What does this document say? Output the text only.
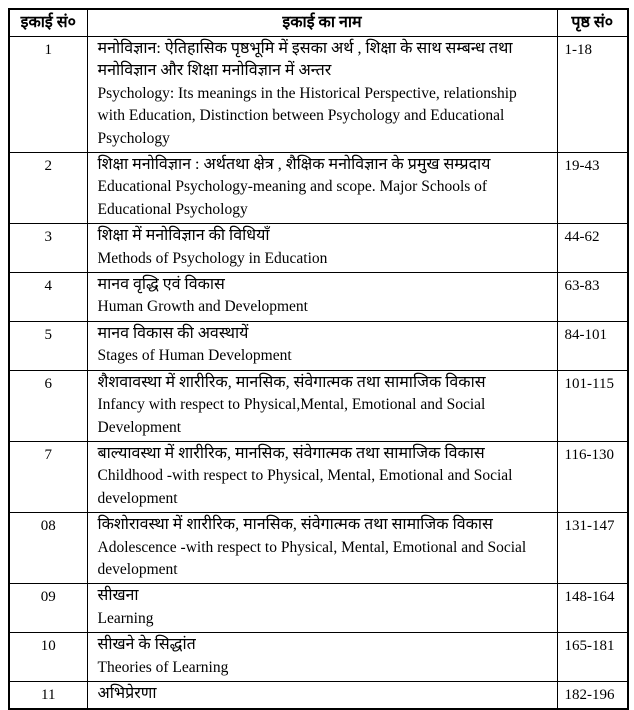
इकाई सं०	इकाई का नाम	पृष्ठ सं०
1	मनोविज्ञान: ऐतिहासिक पृष्ठभूमि में इसका अर्थ , शिक्षा के साथ सम्बन्ध तथा मनोविज्ञान और शिक्षा मनोविज्ञान में अन्तर
Psychology: Its meanings in the Historical Perspective, relationship with Education, Distinction between Psychology and Educational Psychology	1-18
2	शिक्षा मनोविज्ञान : अर्थतथा क्षेत्र , शैक्षिक मनोविज्ञान के प्रमुख सम्प्रदाय
Educational Psychology-meaning and scope. Major Schools of
Educational Psychology	19-43
3	शिक्षा में मनोविज्ञान की विधियाँ
Methods of Psychology in Education	44-62
4	मानव वृद्धि एवं विकास
Human Growth and Development	63-83
5	मानव विकास की अवस्थायें
Stages of Human Development	84-101
6	शैशवावस्था में शारीरिक, मानसिक, संवेगात्मक तथा सामाजिक विकास
Infancy with respect to Physical,Mental, Emotional and Social
Development	101-115
7	बाल्यावस्था में शारीरिक, मानसिक, संवेगात्मक तथा सामाजिक विकास
Childhood -with respect to Physical, Mental, Emotional and Social
development	116-130
08	किशोरावस्था में शारीरिक, मानसिक, संवेगात्मक तथा सामाजिक विकास
Adolescence -with respect to Physical, Mental, Emotional and Social
development	131-147
09	सीखना
Learning	148-164
10	सीखने के सिद्धांत
Theories of Learning	165-181
11	अभिप्रेरणा	182-196
